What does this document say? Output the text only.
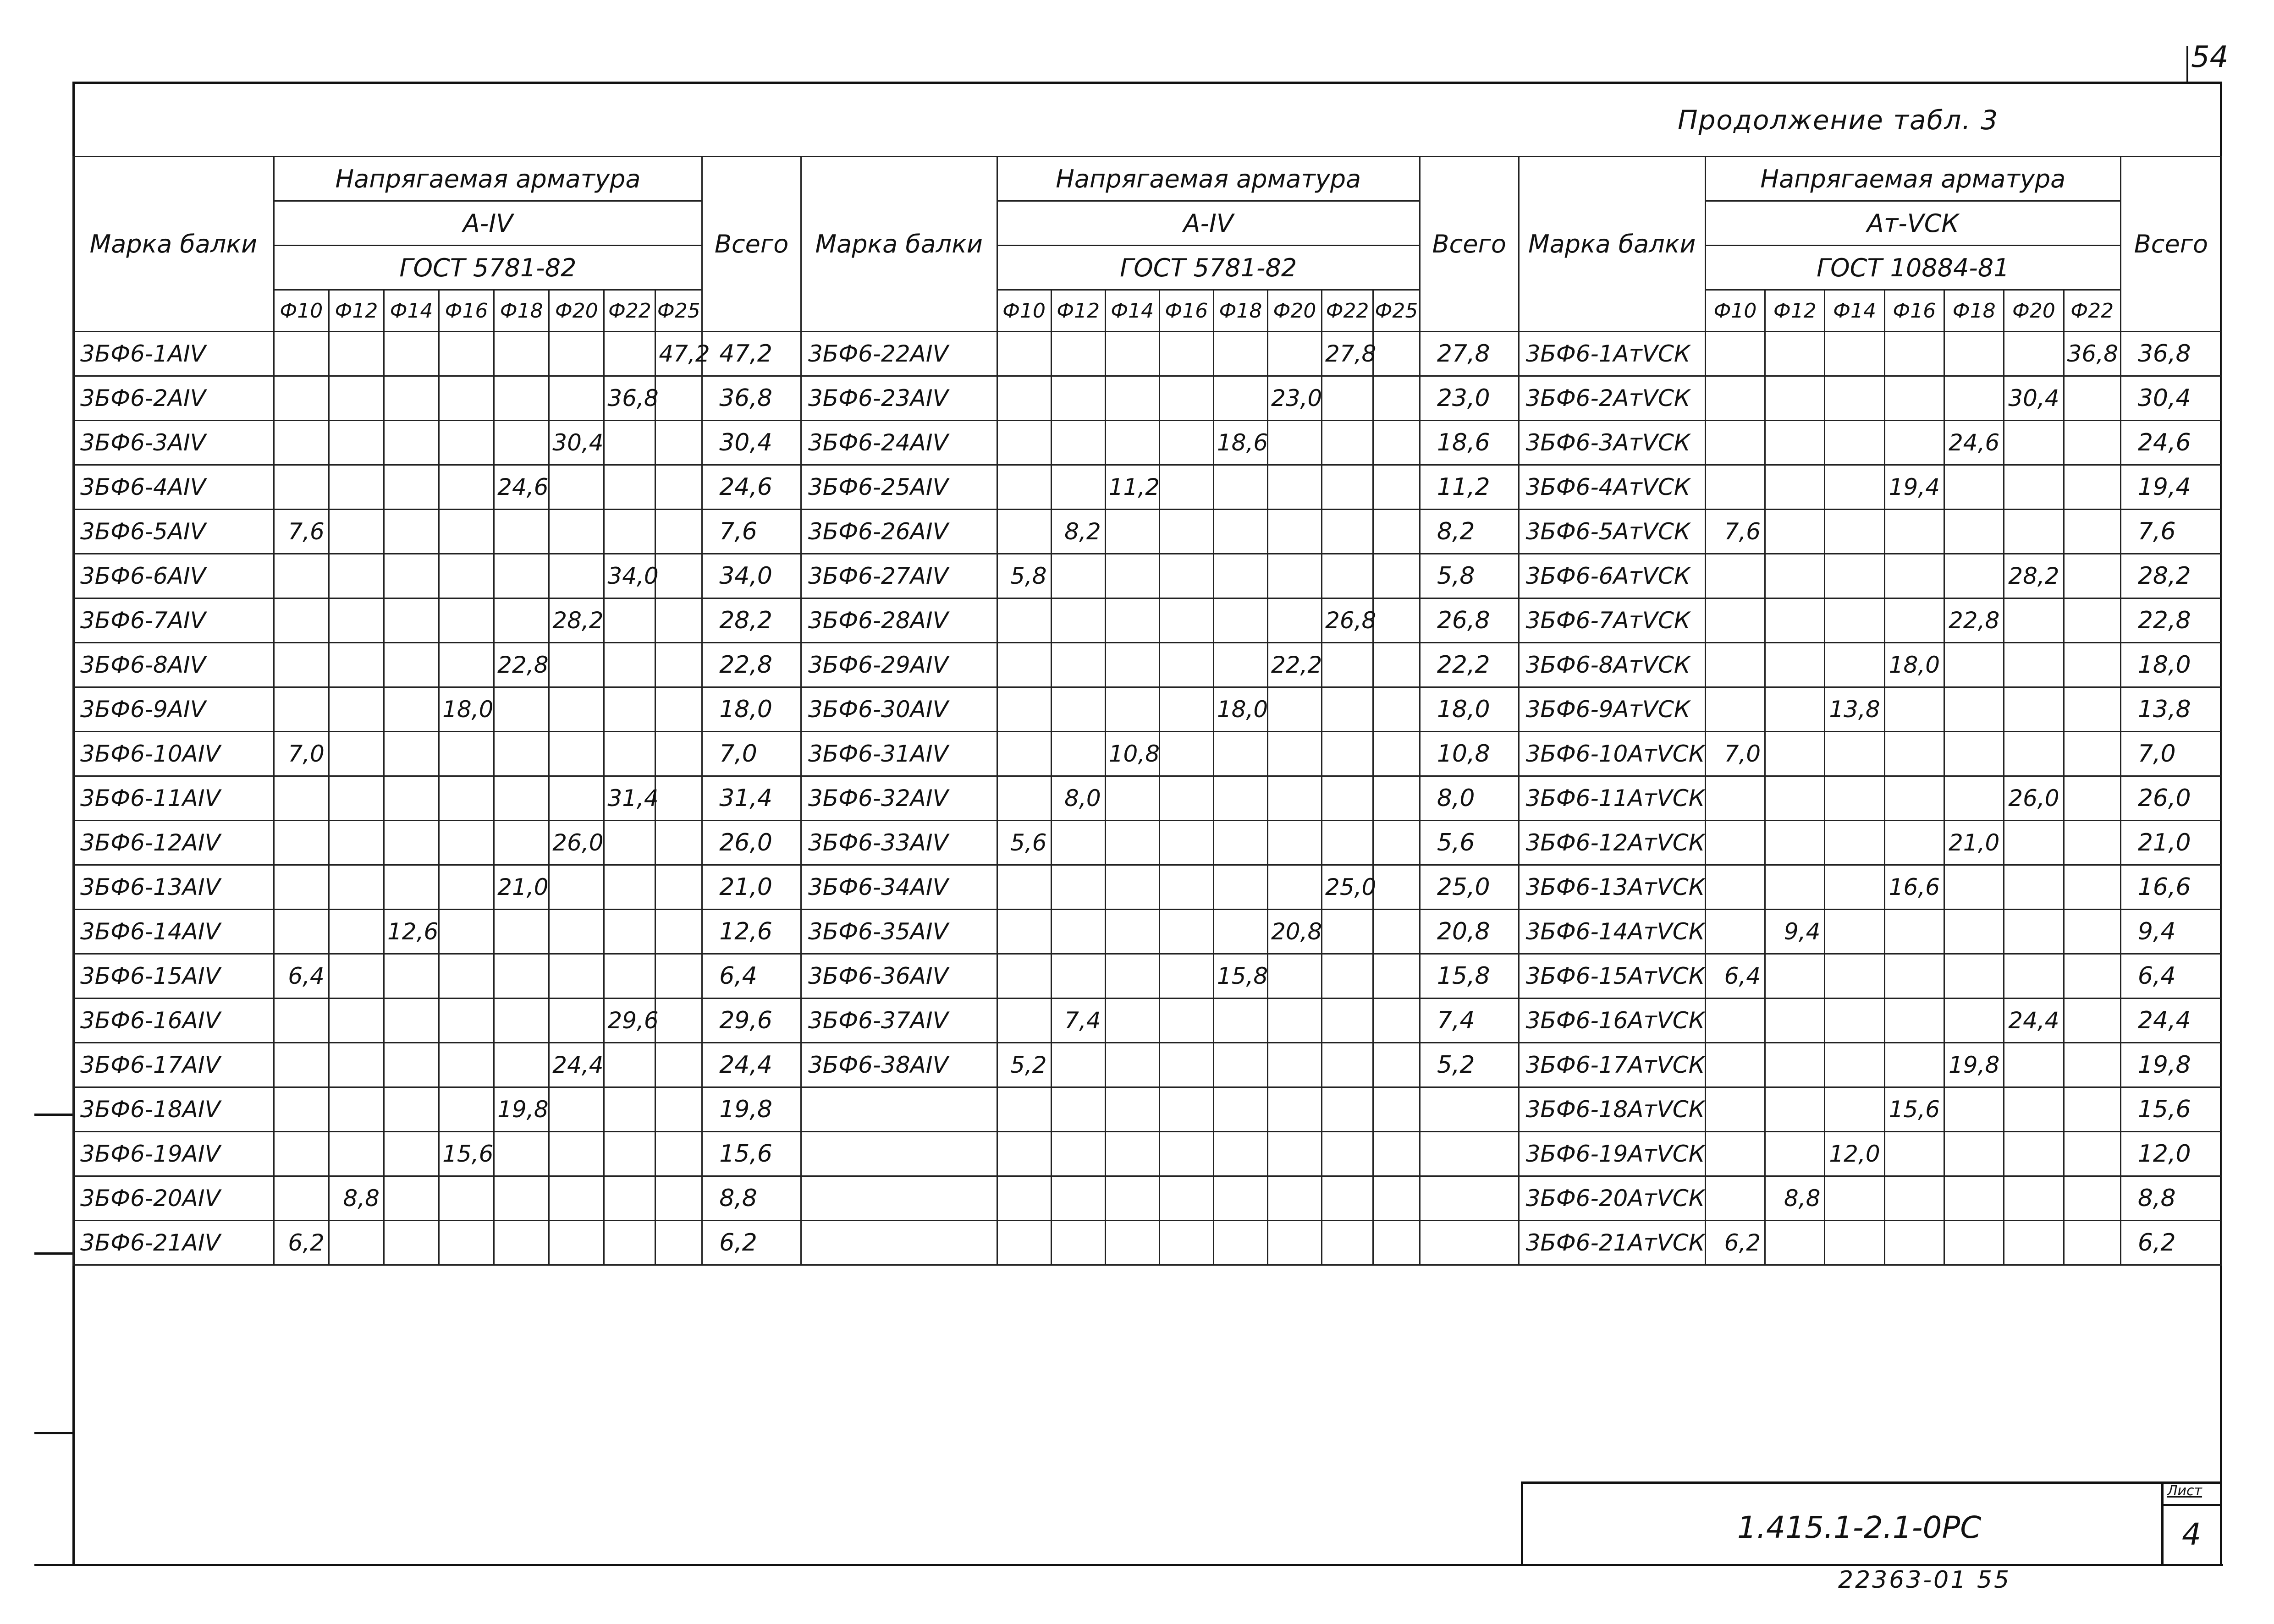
54
Продолжение табл. 3
Марка балки	Напрягаемая арматура								Всего	Марка балки	Напрягаемая арматура								Всего	Марка балки	Напрягаемая арматура							Всего
	А-IV										А-IV										Ат-VСК							
	ГОСТ 5781-82										ГОСТ 5781-82										ГОСТ 10884-81							
	Ф10	Ф12	Ф14	Ф16	Ф18	Ф20	Ф22	Ф25			Ф10	Ф12	Ф14	Ф16	Ф18	Ф20	Ф22	Ф25			Ф10	Ф12	Ф14	Ф16	Ф18	Ф20	Ф22	
3БФ6-1АIV								47,2	47,2	3БФ6-22АIV							27,8		27,8	3БФ6-1АтVСК							36,8	36,8
3БФ6-2АIV							36,8		36,8	3БФ6-23АIV						23,0			23,0	3БФ6-2АтVСК						30,4		30,4
3БФ6-3АIV						30,4			30,4	3БФ6-24АIV					18,6				18,6	3БФ6-3АтVСК					24,6			24,6
3БФ6-4АIV					24,6				24,6	3БФ6-25АIV			11,2						11,2	3БФ6-4АтVСК				19,4				19,4
3БФ6-5АIV	7,6								7,6	3БФ6-26АIV		8,2							8,2	3БФ6-5АтVСК	7,6							7,6
3БФ6-6АIV							34,0		34,0	3БФ6-27АIV	5,8								5,8	3БФ6-6АтVСК						28,2		28,2
3БФ6-7АIV						28,2			28,2	3БФ6-28АIV							26,8		26,8	3БФ6-7АтVСК					22,8			22,8
3БФ6-8АIV					22,8				22,8	3БФ6-29АIV						22,2			22,2	3БФ6-8АтVСК				18,0				18,0
3БФ6-9АIV				18,0					18,0	3БФ6-30АIV					18,0				18,0	3БФ6-9АтVСК			13,8					13,8
3БФ6-10АIV	7,0								7,0	3БФ6-31АIV			10,8						10,8	3БФ6-10АтVСК	7,0							7,0
3БФ6-11АIV							31,4		31,4	3БФ6-32АIV		8,0							8,0	3БФ6-11АтVСК						26,0		26,0
3БФ6-12АIV						26,0			26,0	3БФ6-33АIV	5,6								5,6	3БФ6-12АтVСК					21,0			21,0
3БФ6-13АIV					21,0				21,0	3БФ6-34АIV							25,0		25,0	3БФ6-13АтVСК				16,6				16,6
3БФ6-14АIV			12,6						12,6	3БФ6-35АIV						20,8			20,8	3БФ6-14АтVСК		9,4						9,4
3БФ6-15АIV	6,4								6,4	3БФ6-36АIV					15,8				15,8	3БФ6-15АтVСК	6,4							6,4
3БФ6-16АIV							29,6		29,6	3БФ6-37АIV		7,4							7,4	3БФ6-16АтVСК						24,4		24,4
3БФ6-17АIV						24,4			24,4	3БФ6-38АIV	5,2								5,2	3БФ6-17АтVСК					19,8			19,8
3БФ6-18АIV					19,8				19,8											3БФ6-18АтVСК				15,6				15,6
3БФ6-19АIV				15,6					15,6											3БФ6-19АтVСК			12,0					12,0
3БФ6-20АIV		8,8							8,8											3БФ6-20АтVСК		8,8						8,8
3БФ6-21АIV	6,2								6,2											3БФ6-21АтVСК	6,2							6,2
1.415.1-2.1-0РС
Лист
4
22363-01 55
